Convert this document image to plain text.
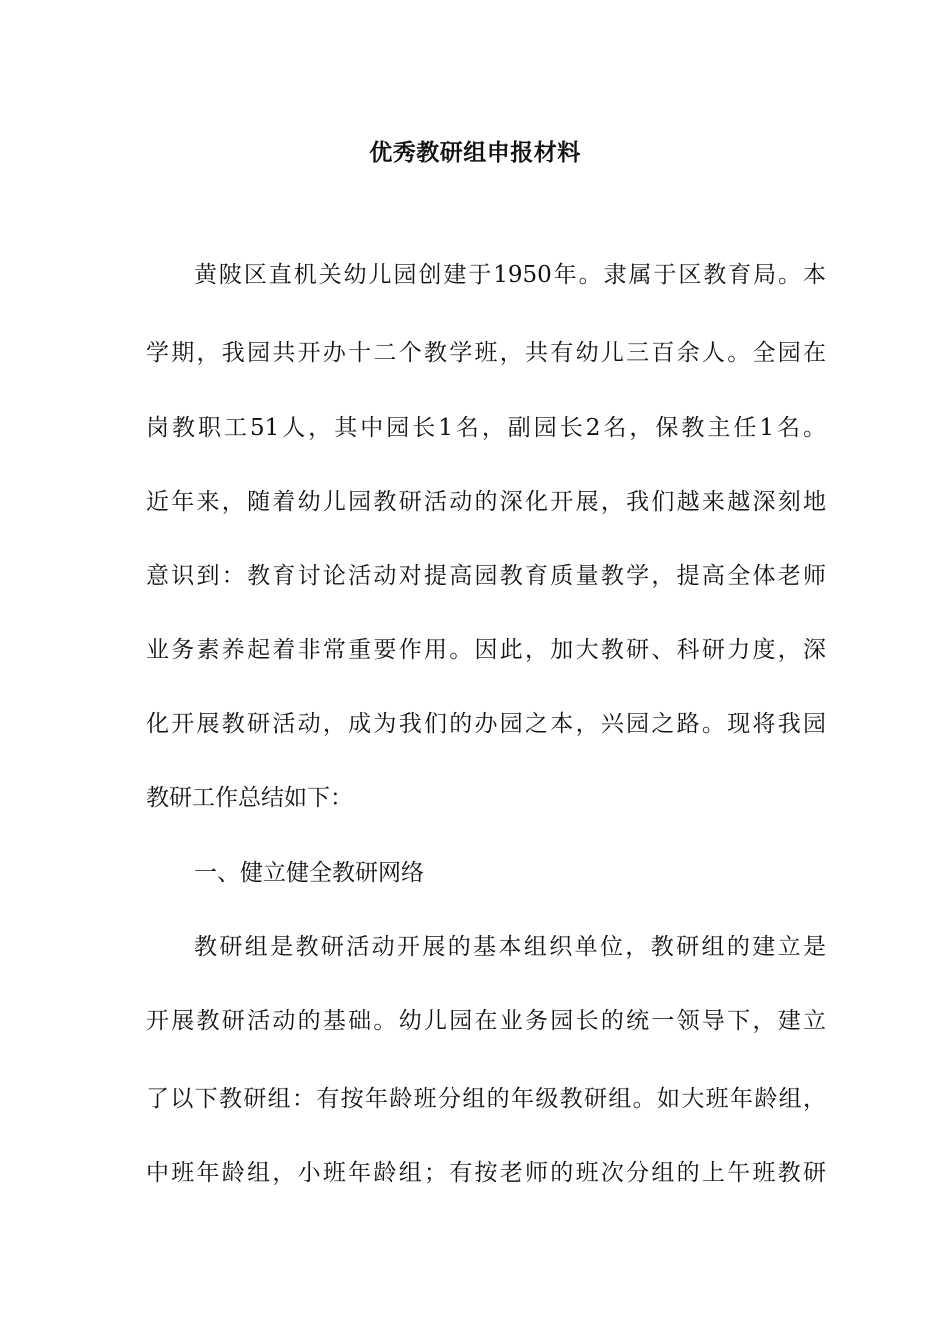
优秀教研组申报材料
黄陂区直机关幼儿园创建于1950年。隶属于区教育局。本
学期，我园共开办十二个教学班，共有幼儿三百余人。全园在
岗教职工51人，其中园长1名，副园长2名，保教主任1名。
近年来，随着幼儿园教研活动的深化开展，我们越来越深刻地
意识到：教育讨论活动对提高园教育质量教学，提高全体老师
业务素养起着非常重要作用。因此，加大教研、科研力度，深
化开展教研活动，成为我们的办园之本，兴园之路。现将我园
教研工作总结如下：
一、健立健全教研网络
教研组是教研活动开展的基本组织单位，教研组的建立是
开展教研活动的基础。幼儿园在业务园长的统一领导下，建立
了以下教研组：有按年龄班分组的年级教研组。如大班年龄组，
中班年龄组，小班年龄组；有按老师的班次分组的上午班教研
